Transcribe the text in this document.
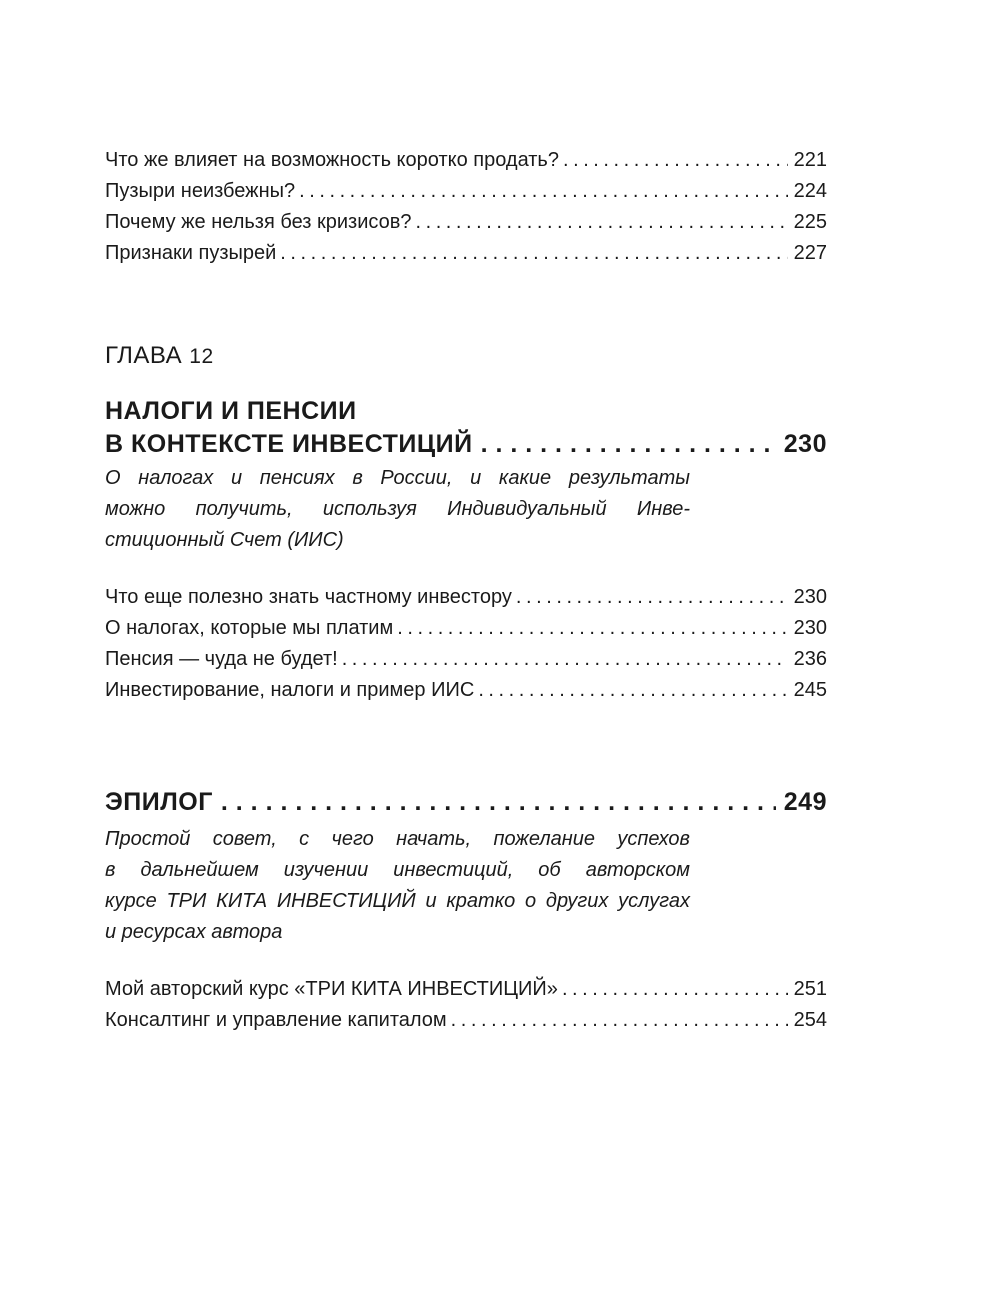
Что же влияет на возможность коротко продать? . . .	221
Пузыри неизбежны? . . .	224
Почему же нельзя без кризисов? . . .	225
Признаки пузырей . . .	227
ГЛАВА 12
НАЛОГИ И ПЕНСИИ
В КОНТЕКСТЕ ИНВЕСТИЦИЙ . . .	230
О налогах и пенсиях в России, и какие результаты
можно получить, используя Индивидуальный Инве-
стиционный Счет (ИИС)
Что еще полезно знать частному инвестору . . .	230
О налогах, которые мы платим . . .	230
Пенсия — чуда не будет! . . .	236
Инвестирование, налоги и пример ИИС . . .	245
ЭПИЛОГ . . .	249
Простой совет, с чего начать, пожелание успехов
в дальнейшем изучении инвестиций, об авторском
курсе ТРИ КИТА ИНВЕСТИЦИЙ и кратко о других услугах
и ресурсах автора
Мой авторский курс «ТРИ КИТА ИНВЕСТИЦИЙ» . . .	251
Консалтинг и управление капиталом . . .	254
